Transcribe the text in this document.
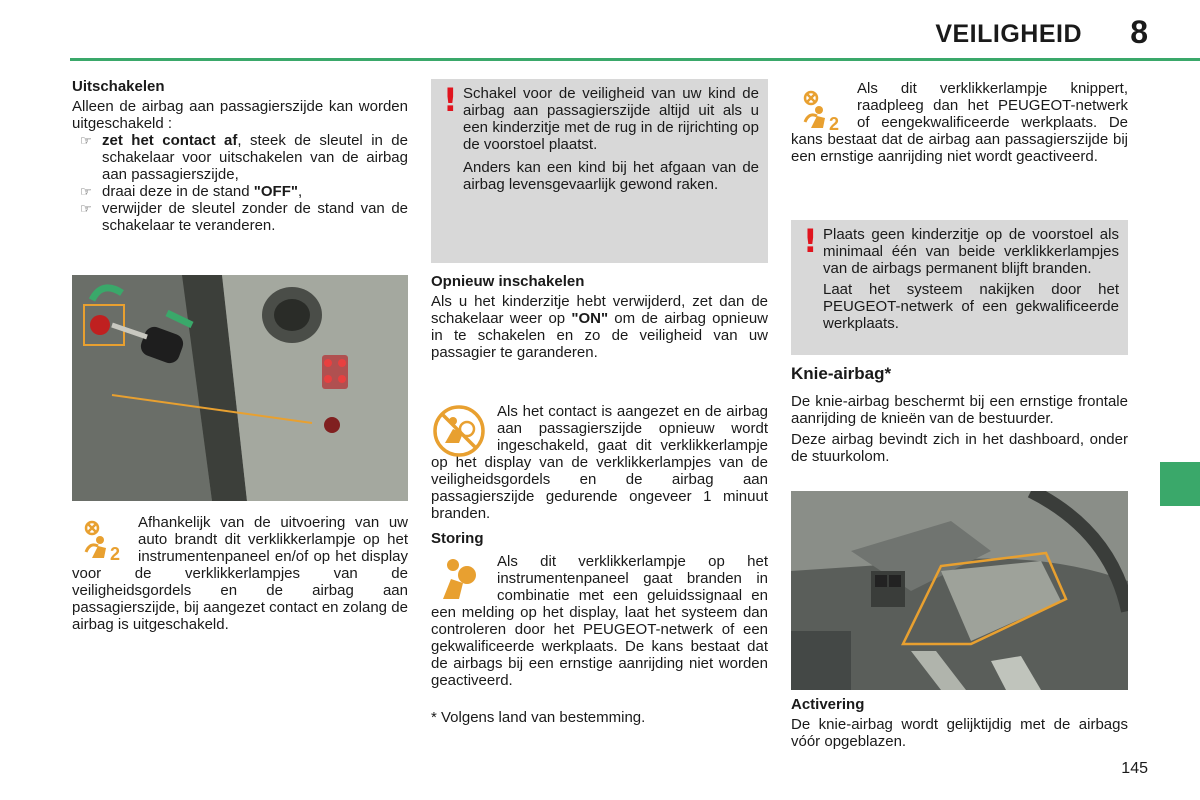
VEILIGHEID 8
Uitschakelen

Alleen de airbag aan passagierszijde kan worden uitgeschakeld :

☞ zet het contact af, steek de sleutel in de schakelaar voor uitschakelen van de airbag aan passagierszijde,
☞ draai deze in de stand "OFF",
☞ verwijder de sleutel zonder de stand van de schakelaar te veranderen.
2

Afhankelijk van de uitvoering van uw auto brandt dit verklikkerlampje op het instrumentenpaneel en/of op het display voor de verklikkerlampjes van de veiligheidsgordels en de airbag aan passagierszijde, bij aangezet contact en zolang de airbag is uitgeschakeld.

! Schakel voor de veiligheid van uw kind de airbag aan passagierszijde altijd uit als u een kinderzitje met de rug in de rijrichting op de voorstoel plaatst.

Anders kan een kind bij het afgaan van de airbag levensgevaarlijk gewond raken.

Opnieuw inschakelen

Als u het kinderzitje hebt verwijderd, zet dan de schakelaar weer op "ON" om de airbag opnieuw in te schakelen en zo de veiligheid van uw passagier te garanderen.

Als het contact is aangezet en de airbag aan passagierszijde opnieuw wordt ingeschakeld, gaat dit verklikkerlampje op het display van de verklikkerlampjes van de veiligheidsgordels en de airbag aan passagierszijde gedurende ongeveer 1 minuut branden.

Storing

Als dit verklikkerlampje op het instrumentenpaneel gaat branden in combinatie met een geluidssignaal en een melding op het display, laat het systeem dan controleren door het PEUGEOT-netwerk of een gekwalificeerde werkplaats. De kans bestaat dat de airbags bij een ernstige aanrijding niet worden geactiveerd.

* Volgens land van bestemming.

2

Als dit verklikkerlampje knippert, raadpleeg dan het PEUGEOT-netwerk of eengekwalificeerde werkplaats. De kans bestaat dat de airbag aan passagierszijde bij een ernstige aanrijding niet wordt geactiveerd.

! Plaats geen kinderzitje op de voorstoel als minimaal één van beide verklikkerlampjes van de airbags permanent blijft branden.

Laat het systeem nakijken door het PEUGEOT-netwerk of een gekwalificeerde werkplaats.

Knie-airbag*

De knie-airbag beschermt bij een ernstige frontale aanrijding de knieën van de bestuurder.

Deze airbag bevindt zich in het dashboard, onder de stuurkolom.

Activering

De knie-airbag wordt gelijktijdig met de airbags vóór opgeblazen.

145
